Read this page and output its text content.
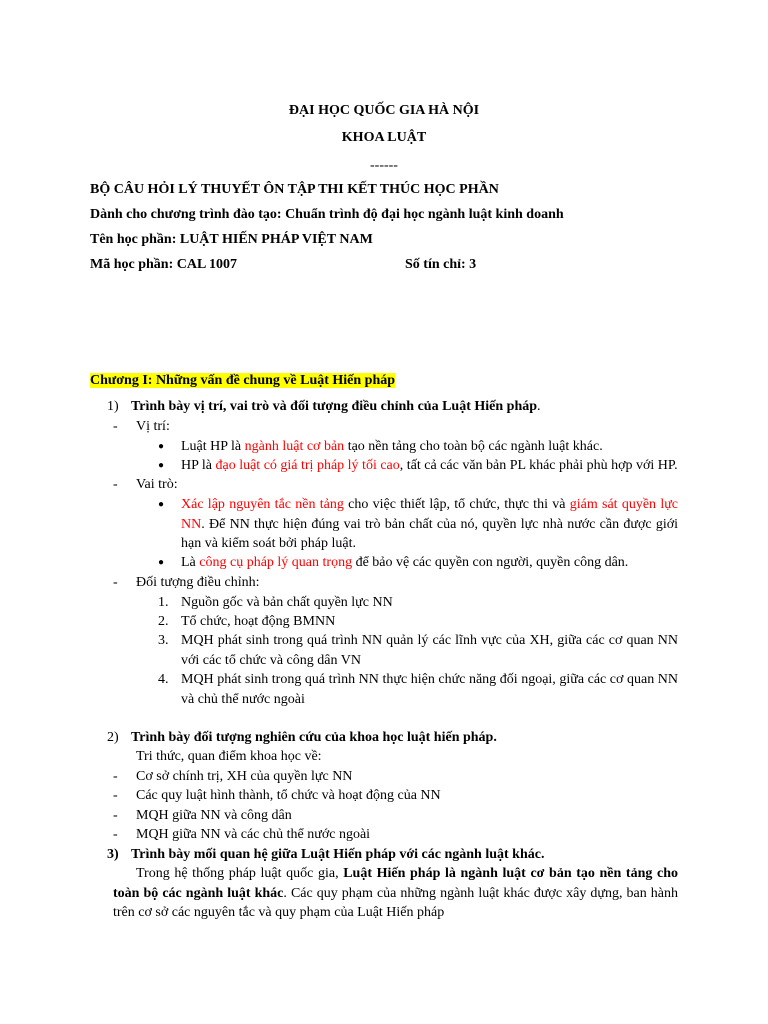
ĐẠI HỌC QUỐC GIA HÀ NỘI
KHOA LUẬT
------
BỘ CÂU HỎI LÝ THUYẾT ÔN TẬP THI KẾT THÚC HỌC PHẦN
Dành cho chương trình đào tạo: Chuẩn trình độ đại học ngành luật kinh doanh
Tên học phần: LUẬT HIẾN PHÁP VIỆT NAM
Mã học phần: CAL 1007	Số tín chỉ: 3
Chương I: Những vấn đề chung về Luật Hiến pháp
1) Trình bày vị trí, vai trò và đối tượng điều chỉnh của Luật Hiến pháp.
- Vị trí:
● Luật HP là ngành luật cơ bản tạo nền tảng cho toàn bộ các ngành luật khác.
● HP là đạo luật có giá trị pháp lý tối cao, tất cả các văn bản PL khác phải phù hợp với HP.
- Vai trò:
● Xác lập nguyên tắc nền tảng cho việc thiết lập, tổ chức, thực thi và giám sát quyền lực NN. Để NN thực hiện đúng vai trò bản chất của nó, quyền lực nhà nước cần được giới hạn và kiểm soát bởi pháp luật.
● Là công cụ pháp lý quan trọng để bảo vệ các quyền con người, quyền công dân.
- Đối tượng điều chỉnh:
1. Nguồn gốc và bản chất quyền lực NN
2. Tổ chức, hoạt động BMNN
3. MQH phát sinh trong quá trình NN quản lý các lĩnh vực của XH, giữa các cơ quan NN với các tổ chức và công dân VN
4. MQH phát sinh trong quá trình NN thực hiện chức năng đối ngoại, giữa các cơ quan NN và chủ thể nước ngoài
2) Trình bày đối tượng nghiên cứu của khoa học luật hiến pháp.
Tri thức, quan điểm khoa học về:
- Cơ sở chính trị, XH của quyền lực NN
- Các quy luật hình thành, tổ chức và hoạt động của NN
- MQH giữa NN và công dân
- MQH giữa NN và các chủ thể nước ngoài
3) Trình bày mối quan hệ giữa Luật Hiến pháp với các ngành luật khác.
Trong hệ thống pháp luật quốc gia, Luật Hiến pháp là ngành luật cơ bản tạo nền tảng cho toàn bộ các ngành luật khác. Các quy phạm của những ngành luật khác được xây dựng, ban hành trên cơ sở các nguyên tắc và quy phạm của Luật Hiến pháp
